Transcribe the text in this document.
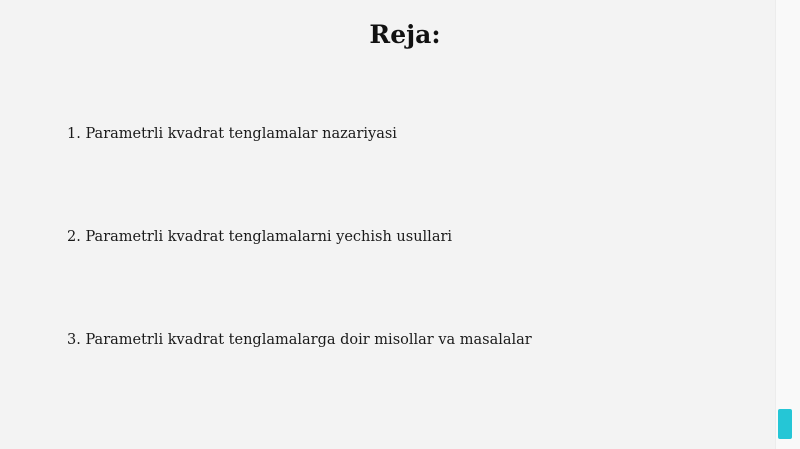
Reja:
1. Parametrli kvadrat tenglamalar nazariyasi
2. Parametrli kvadrat tenglamalarni yechish usullari
3. Parametrli kvadrat tenglamalarga doir misollar va masalalar
